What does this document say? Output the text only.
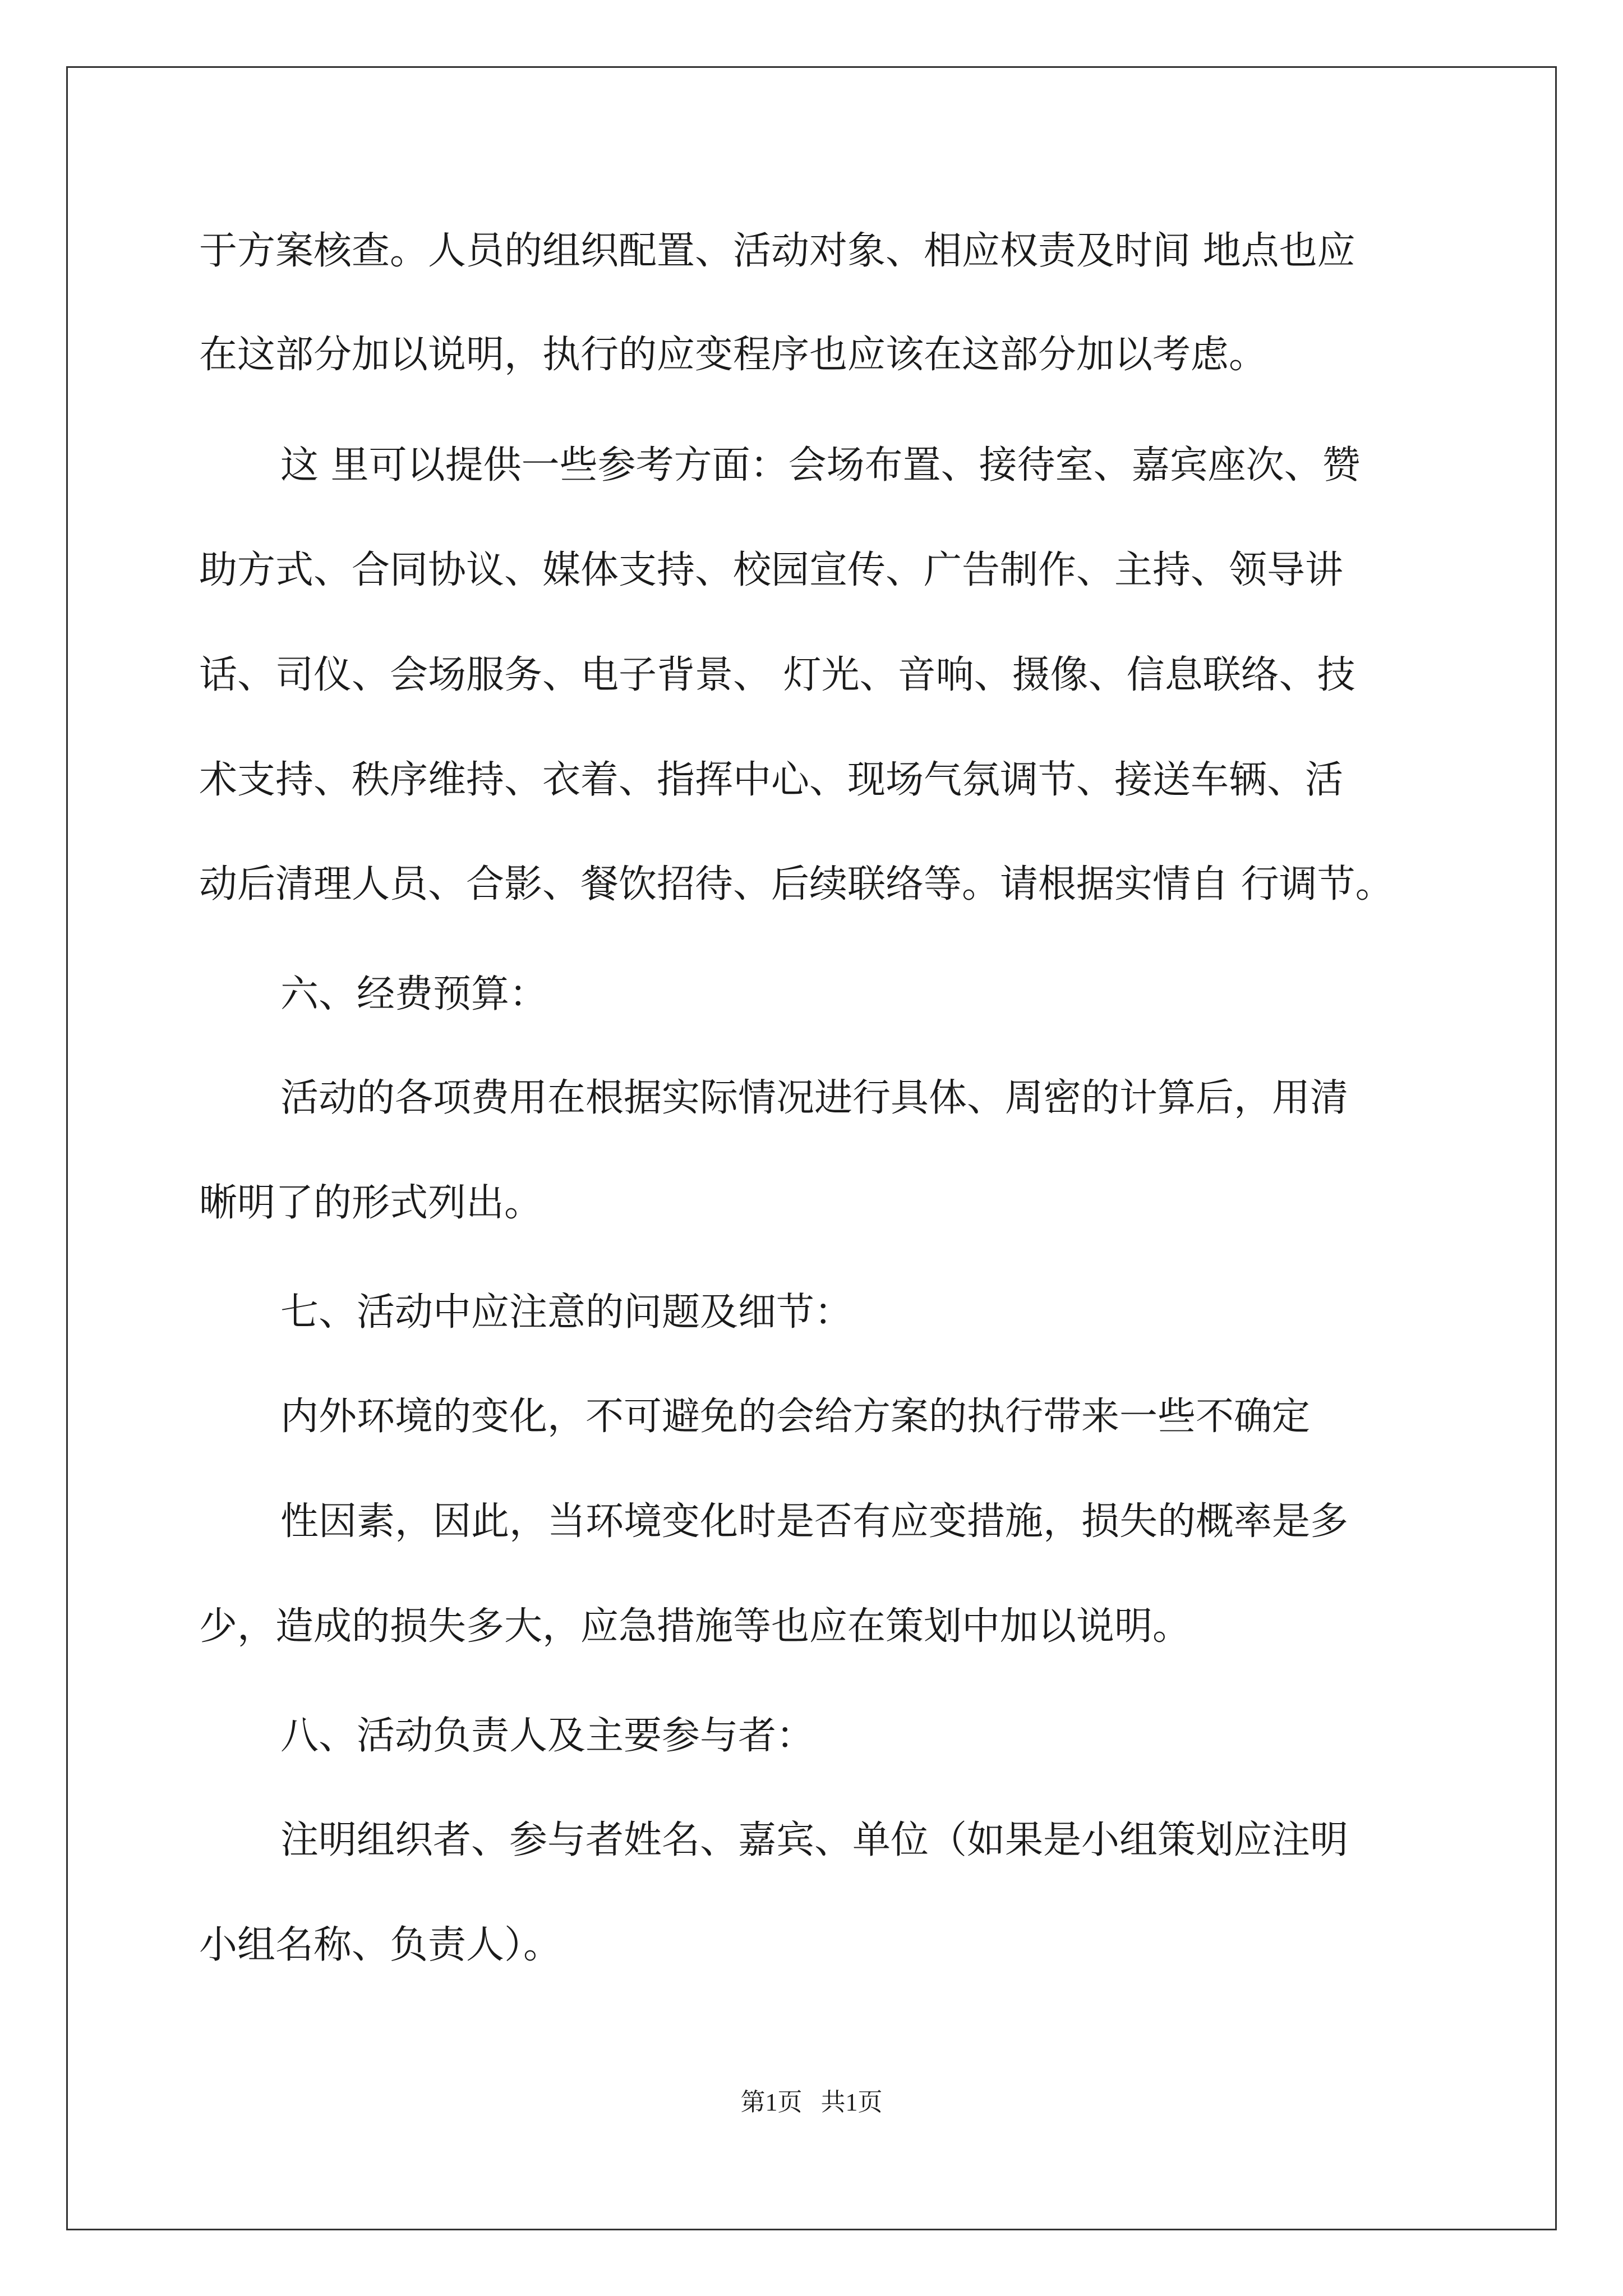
于方案核查。人员的组织配置、活动对象、相应权责及时间 地点也应
在这部分加以说明，执行的应变程序也应该在这部分加以考虑。
这 里可以提供一些参考方面：会场布置、接待室、嘉宾座次、赞
助方式、合同协议、媒体支持、校园宣传、广告制作、主持、领导讲
话、司仪、会场服务、电子背景、 灯光、音响、摄像、信息联络、技
术支持、秩序维持、衣着、指挥中心、现场气氛调节、接送车辆、活
动后清理人员、合影、餐饮招待、后续联络等。请根据实情自 行调节。
六、经费预算：
活动的各项费用在根据实际情况进行具体、周密的计算后，用清
晰明了的形式列出。
七、活动中应注意的问题及细节：
内外环境的变化，不可避免的会给方案的执行带来一些不确定
性因素，因此，当环境变化时是否有应变措施，损失的概率是多
少，造成的损失多大，应急措施等也应在策划中加以说明。
八、活动负责人及主要参与者：
注明组织者、参与者姓名、嘉宾、单位（如果是小组策划应注明
小组名称、负责人）。
第1页   共1页
